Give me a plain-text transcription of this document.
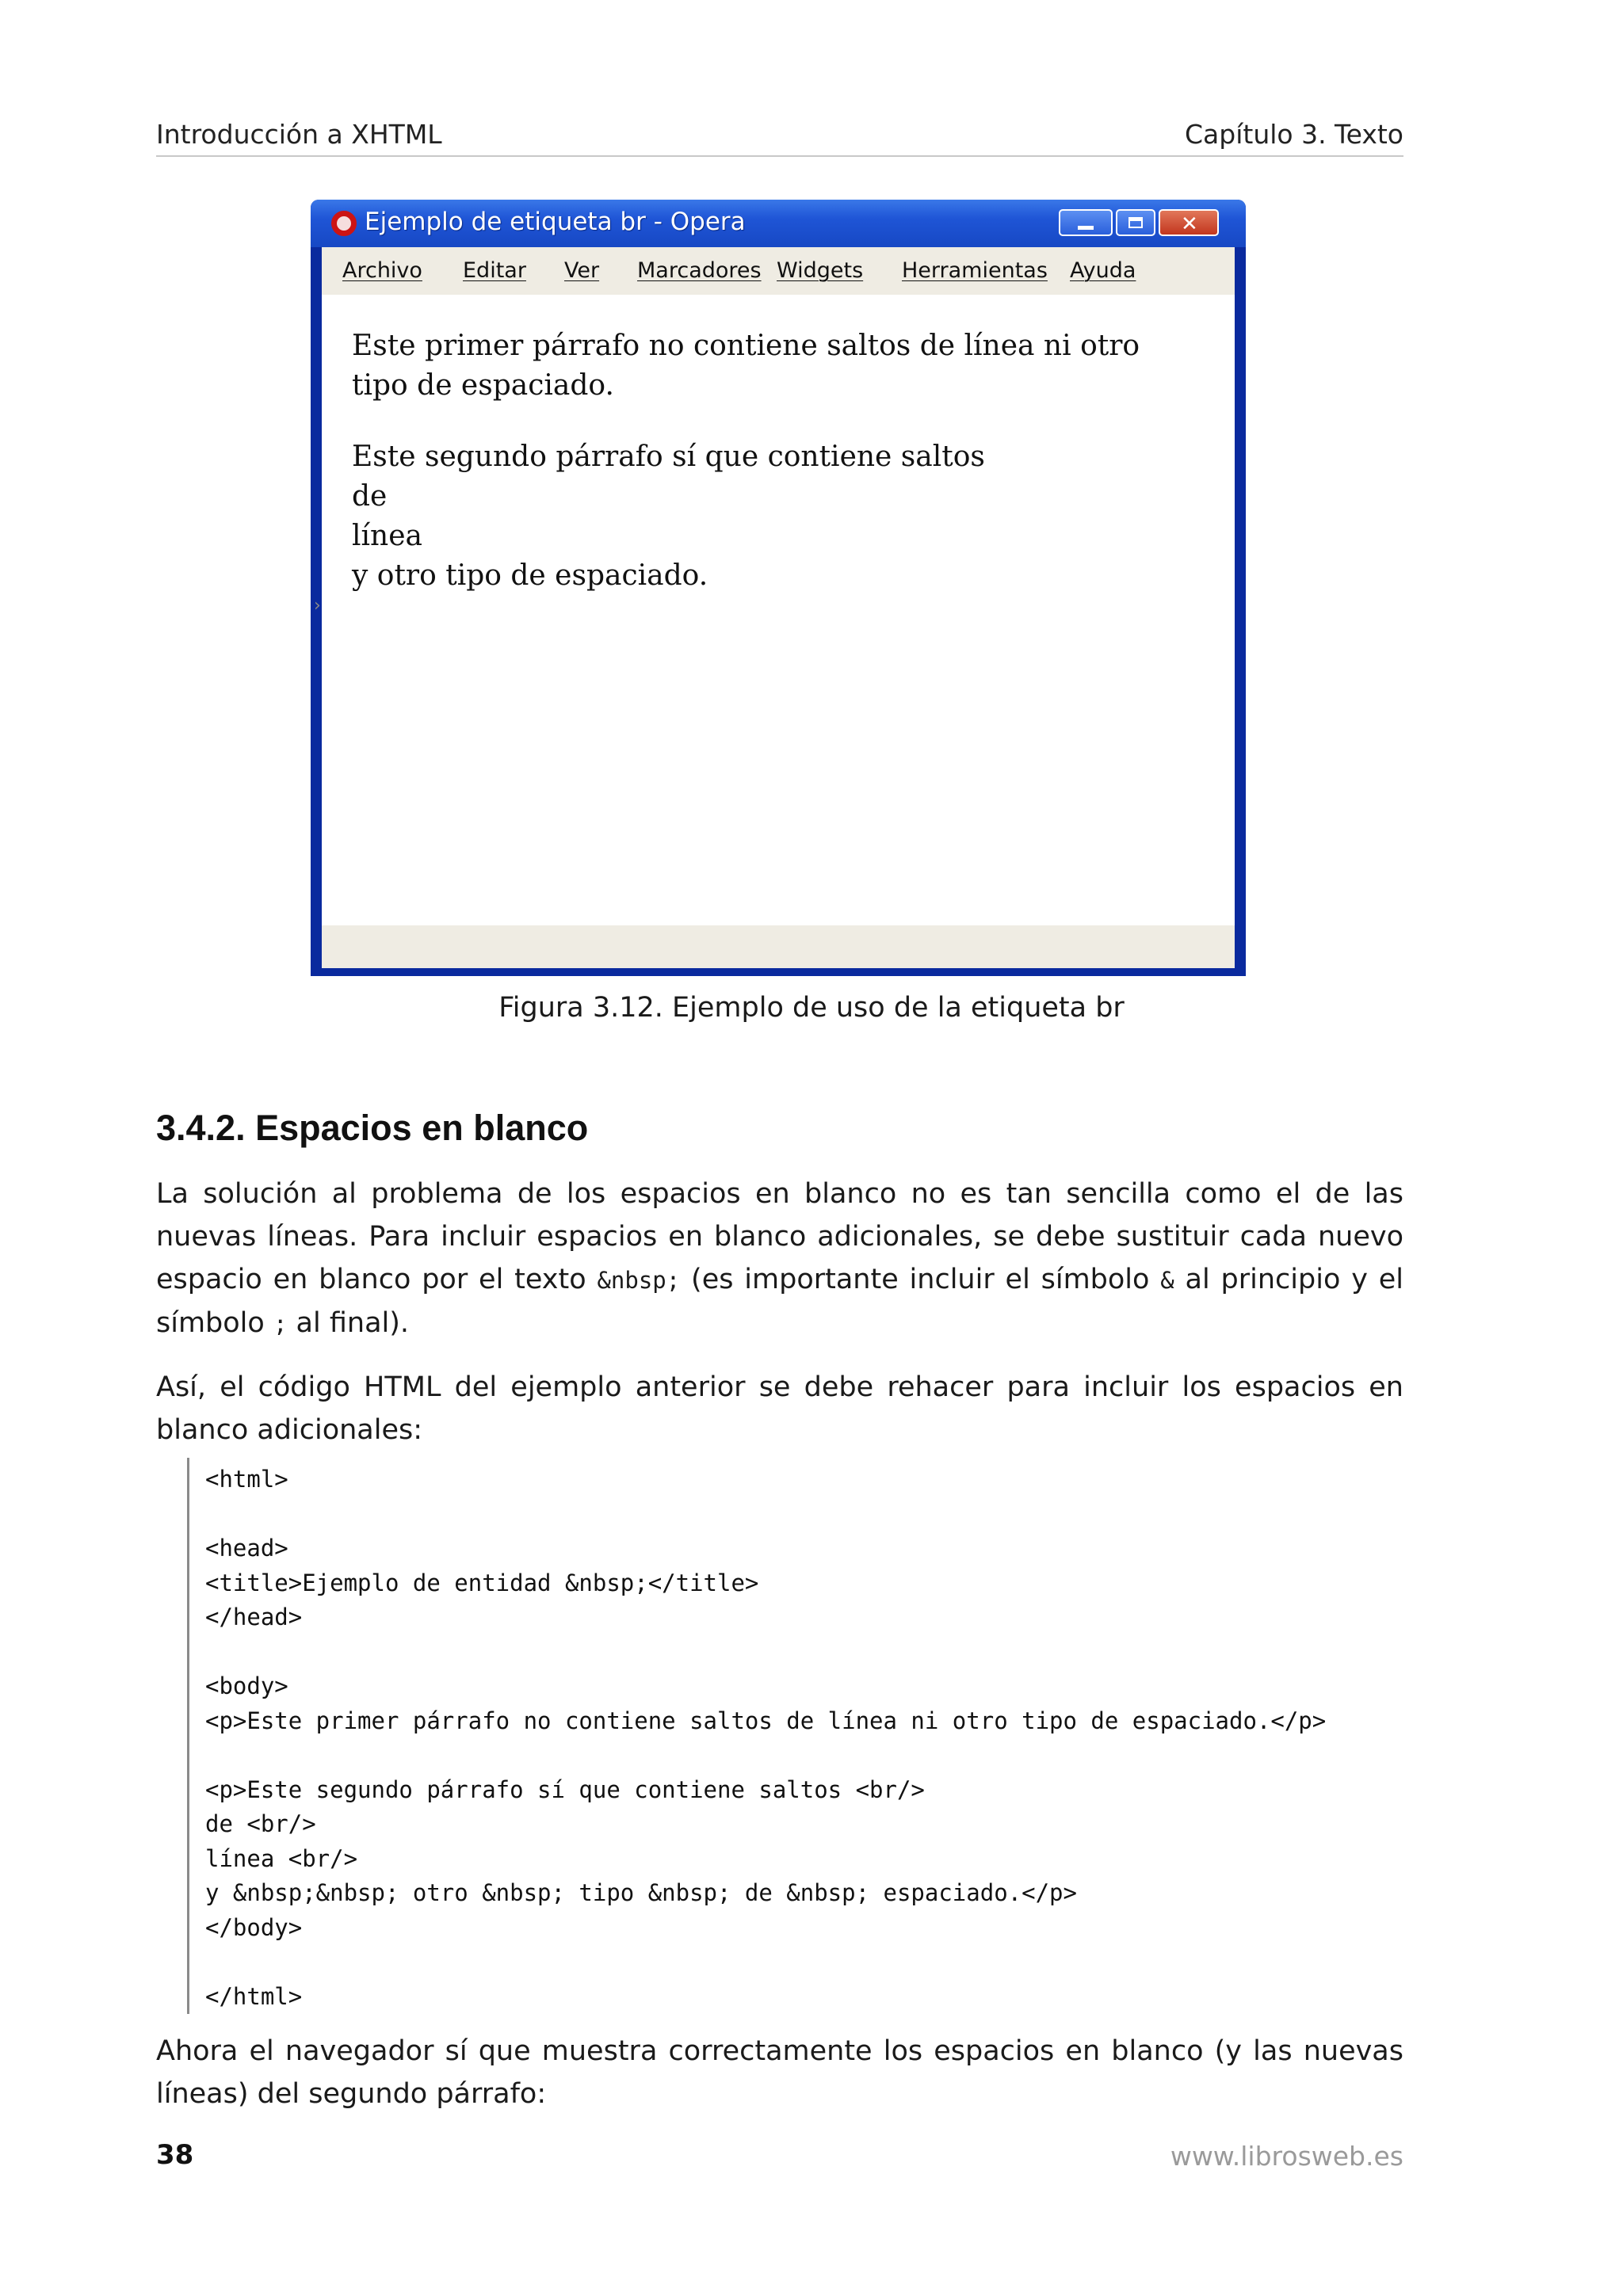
Introducción a XHTML	Capítulo 3. Texto
Ejemplo de etiqueta br - Opera	✕
Archivo Editar Ver Marcadores Widgets Herramientas Ayuda

Este primer párrafo no contiene saltos de línea ni otro tipo de espaciado.

Este segundo párrafo sí que contiene saltos
de
línea
y otro tipo de espaciado.

›
Figura 3.12. Ejemplo de uso de la etiqueta br
3.4.2. Espacios en blanco
La solución al problema de los espacios en blanco no es tan sencilla como el de las nuevas líneas. Para incluir espacios en blanco adicionales, se debe sustituir cada nuevo espacio en blanco por el texto &nbsp; (es importante incluir el símbolo & al principio y el símbolo ; al final).
Así, el código HTML del ejemplo anterior se debe rehacer para incluir los espacios en blanco adicionales:
<html>
<head>
<title>Ejemplo de entidad &nbsp;</title>
</head>
<body>
<p>Este primer párrafo no contiene saltos de línea ni otro tipo de espaciado.</p>
<p>Este segundo párrafo sí que contiene saltos <br/>
de <br/>
línea <br/>
y &nbsp;&nbsp; otro &nbsp; tipo &nbsp; de &nbsp; espaciado.</p>
</body>
</html>
Ahora el navegador sí que muestra correctamente los espacios en blanco (y las nuevas líneas) del segundo párrafo:
38	www.librosweb.es
